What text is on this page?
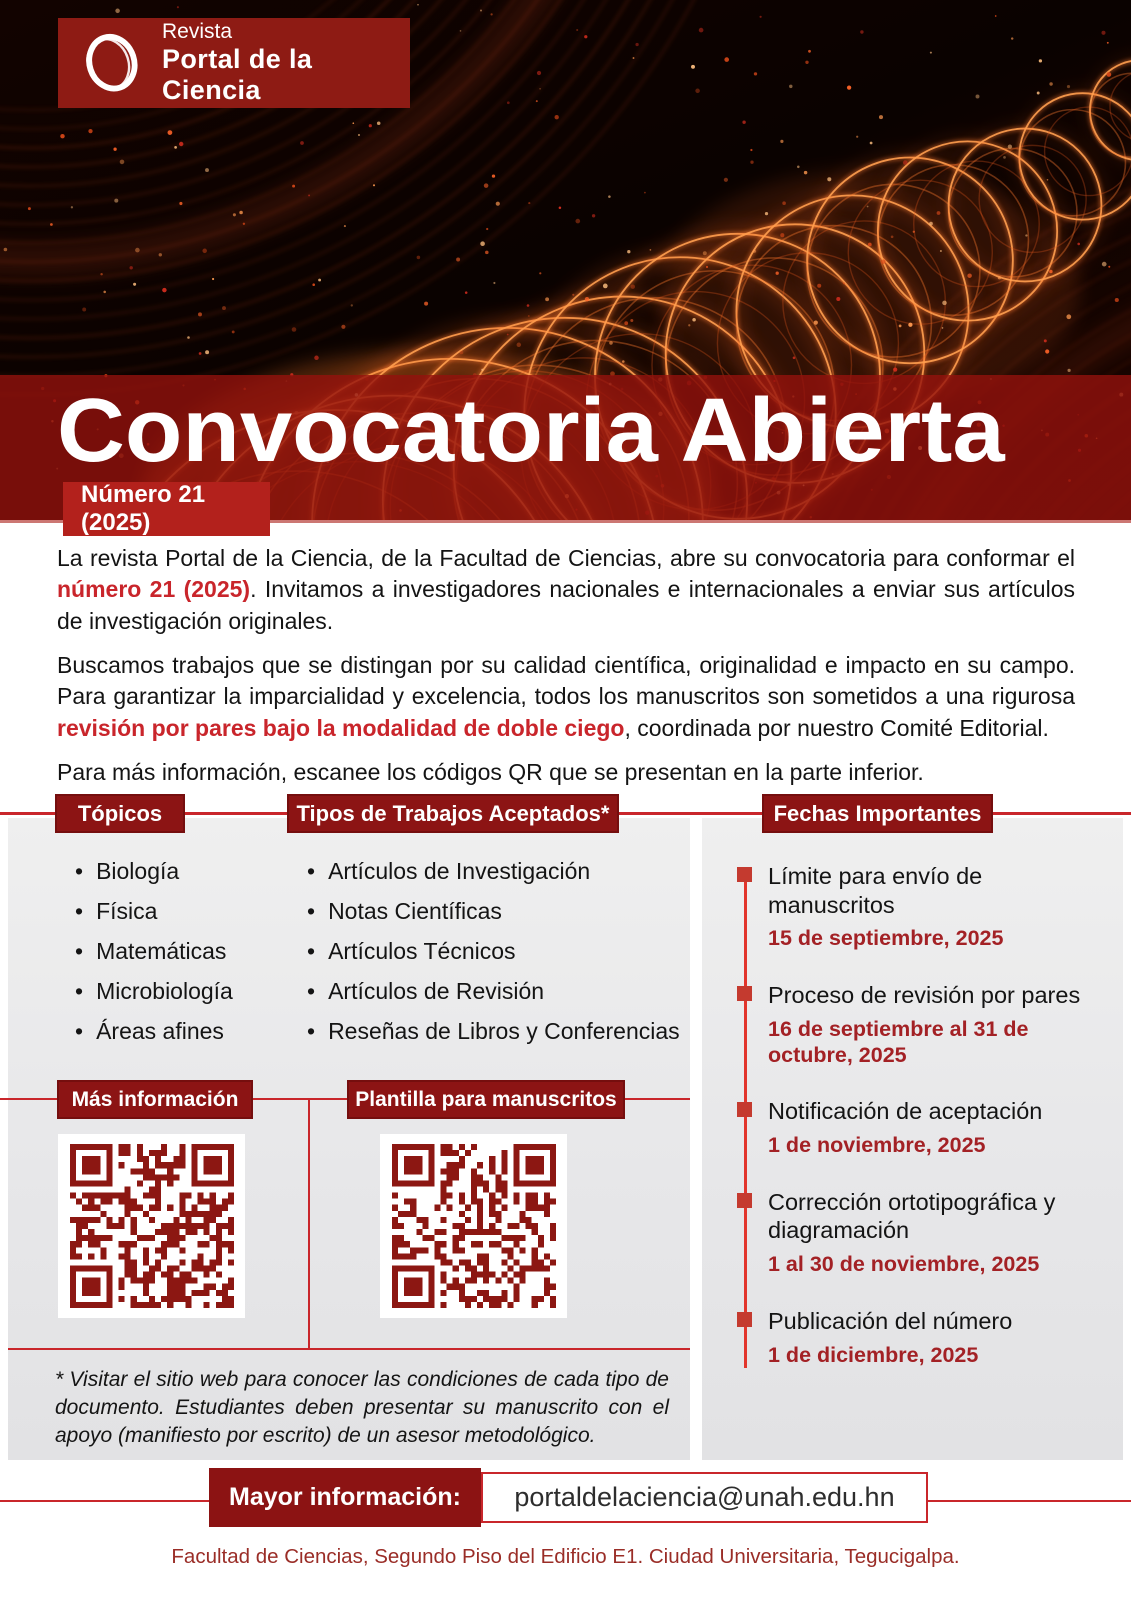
Revista
Portal de la Ciencia
Convocatoria Abierta
Número 21 (2025)

La revista Portal de la Ciencia, de la Facultad de Ciencias, abre su convocatoria para conformar el número 21 (2025). Invitamos a investigadores nacionales e internacionales a enviar sus artículos de investigación originales.

Buscamos trabajos que se distingan por su calidad científica, originalidad e impacto en su campo. Para garantizar la imparcialidad y excelencia, todos los manuscritos son sometidos a una rigurosa revisión por pares bajo la modalidad de doble ciego, coordinada por nuestro Comité Editorial.

Para más información, escanee los códigos QR que se presentan en la parte inferior.

Tópicos	Tipos de Trabajos Aceptados*	Fechas Importantes
Más información	Plantilla para manuscritos
• Biología
• Física
• Matemáticas
• Microbiología
• Áreas afines
• Artículos de Investigación
• Notas Científicas
• Artículos Técnicos
• Artículos de Revisión
• Reseñas de Libros y Conferencias

* Visitar el sitio web para conocer las condiciones de cada tipo de documento. Estudiantes deben presentar su manuscrito con el apoyo (manifiesto por escrito) de un asesor metodológico.

Límite para envío de manuscritos
15 de septiembre, 2025
Proceso de revisión por pares
16 de septiembre al 31 de octubre, 2025
Notificación de aceptación
1 de noviembre, 2025
Corrección ortotipográfica y diagramación
1 al 30 de noviembre, 2025
Publicación del número
1 de diciembre, 2025
Mayor información:	portaldelaciencia@unah.edu.hn
Facultad de Ciencias, Segundo Piso del Edificio E1. Ciudad Universitaria, Tegucigalpa.
